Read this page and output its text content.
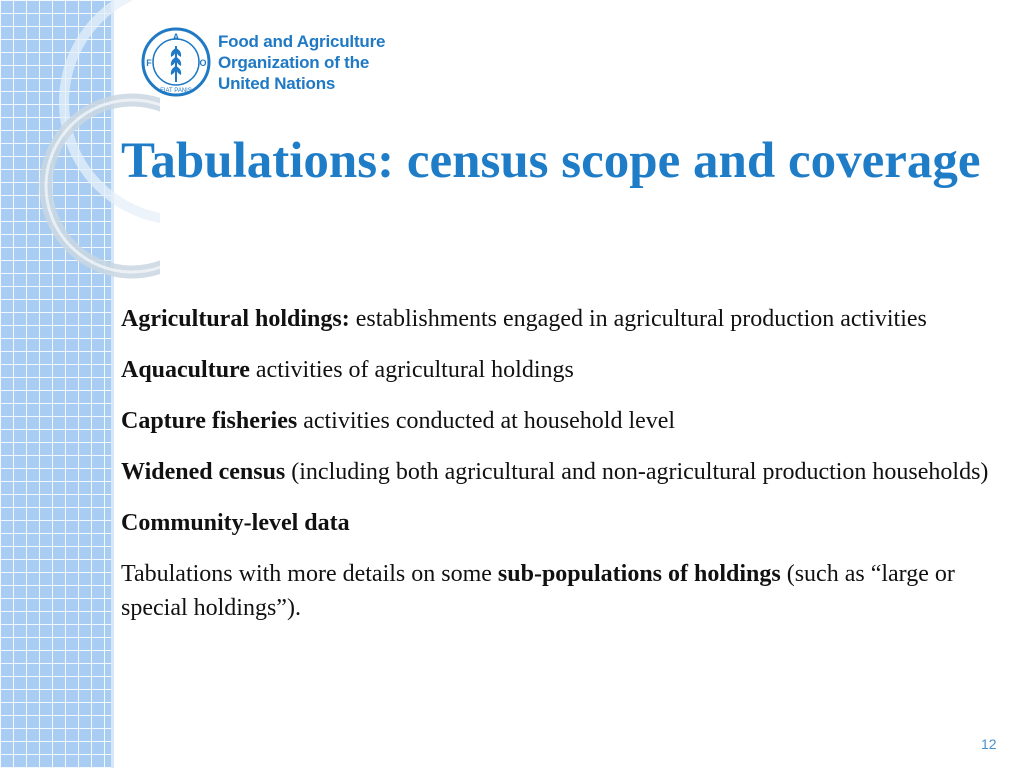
A
F	O
FIAT PANIS
Food and Agriculture
Organization of the
United Nations
Tabulations: census scope and coverage

Agricultural holdings: establishments engaged in agricultural production activities

Aquaculture activities of agricultural holdings

Capture fisheries activities conducted at household level

Widened census (including both agricultural and non-agricultural production households)

Community-level data

Tabulations with more details on some sub-populations of holdings (such as “large or special holdings”).

12
